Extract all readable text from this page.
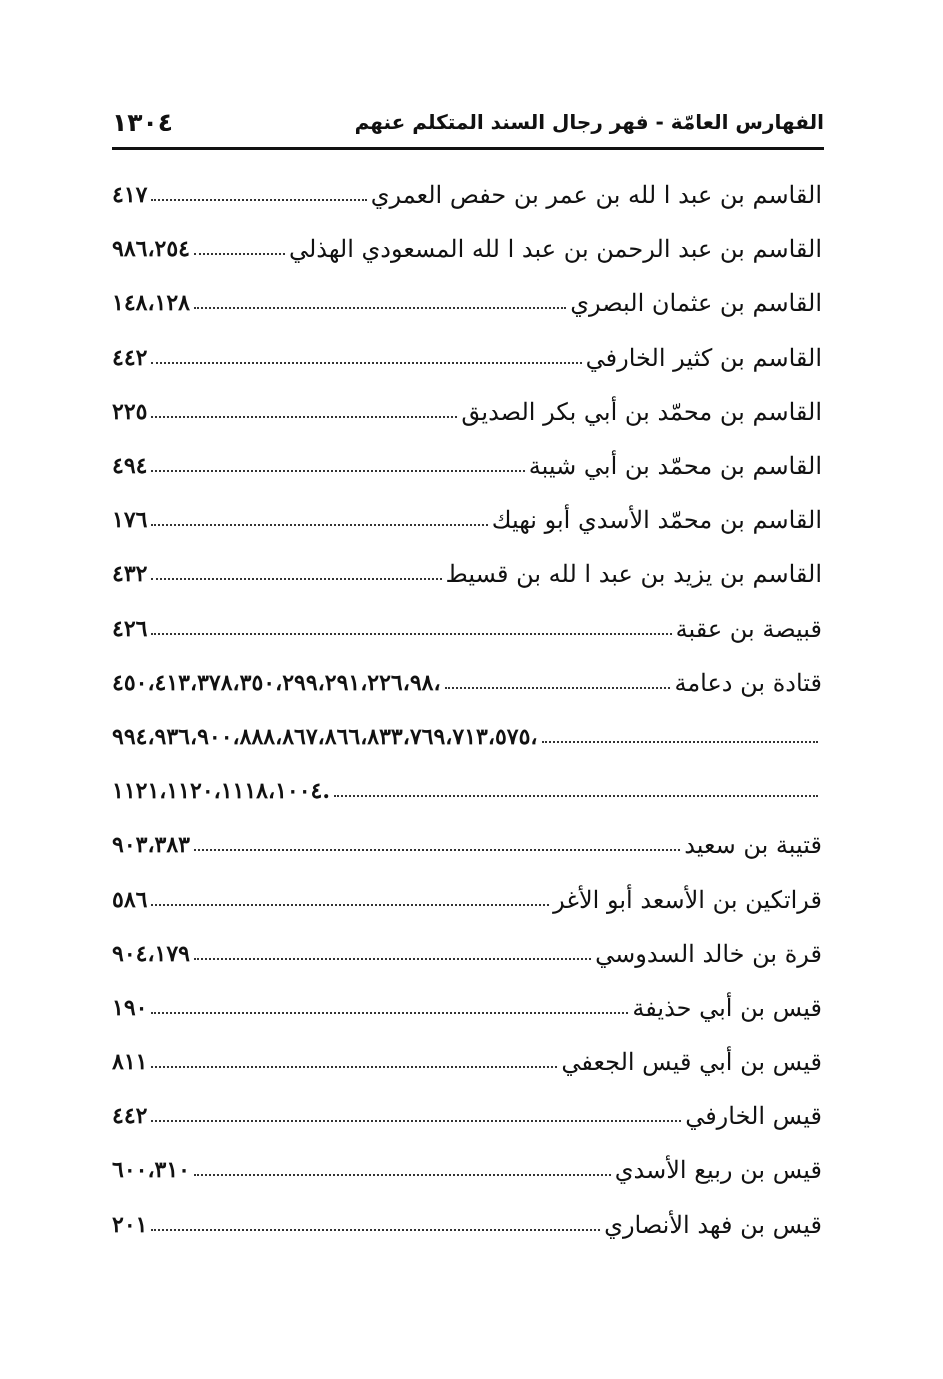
الفهارس العامّة - فهر رجال السند المتكلم عنهم
١٣٠٤
القاسم بن عبد ا لله بن عمر بن حفص العمري
٤١٧
القاسم بن عبد الرحمن بن عبد ا لله المسعودي الهذلي
٩٨٦،٢٥٤
القاسم بن عثمان البصري
١٤٨،١٢٨
القاسم بن كثير الخارفي
٤٤٢
القاسم بن محمّد بن أبي بكر الصديق
٢٢٥
القاسم بن محمّد بن أبي شيبة
٤٩٤
القاسم بن محمّد الأسدي أبو نهيك
١٧٦
القاسم بن يزيد بن عبد ا لله بن قسيط
٤٣٢
قبيصة بن عقبة
٤٢٦
قتادة بن دعامة
٤٥٠،٤١٣،٣٧٨،٣٥٠،٢٩٩،٢٩١،٢٢٦،٩٨،
٩٩٤،٩٣٦،٩٠٠،٨٨٨،٨٦٧،٨٦٦،٨٣٣،٧٦٩،٧١٣،٥٧٥،
١١٢١،١١٢٠،١١١٨،١٠٠٤.
قتيبة بن سعيد
٩٠٣،٣٨٣
قراتكين بن الأسعد أبو الأغر
٥٨٦
قرة بن خالد السدوسي
٩٠٤،١٧٩
قيس بن أبي حذيفة
١٩٠
قيس بن أبي قيس الجعفي
٨١١
قيس الخارفي
٤٤٢
قيس بن ربيع الأسدي
٦٠٠،٣١٠
قيس بن فهد الأنصاري
٢٠١
